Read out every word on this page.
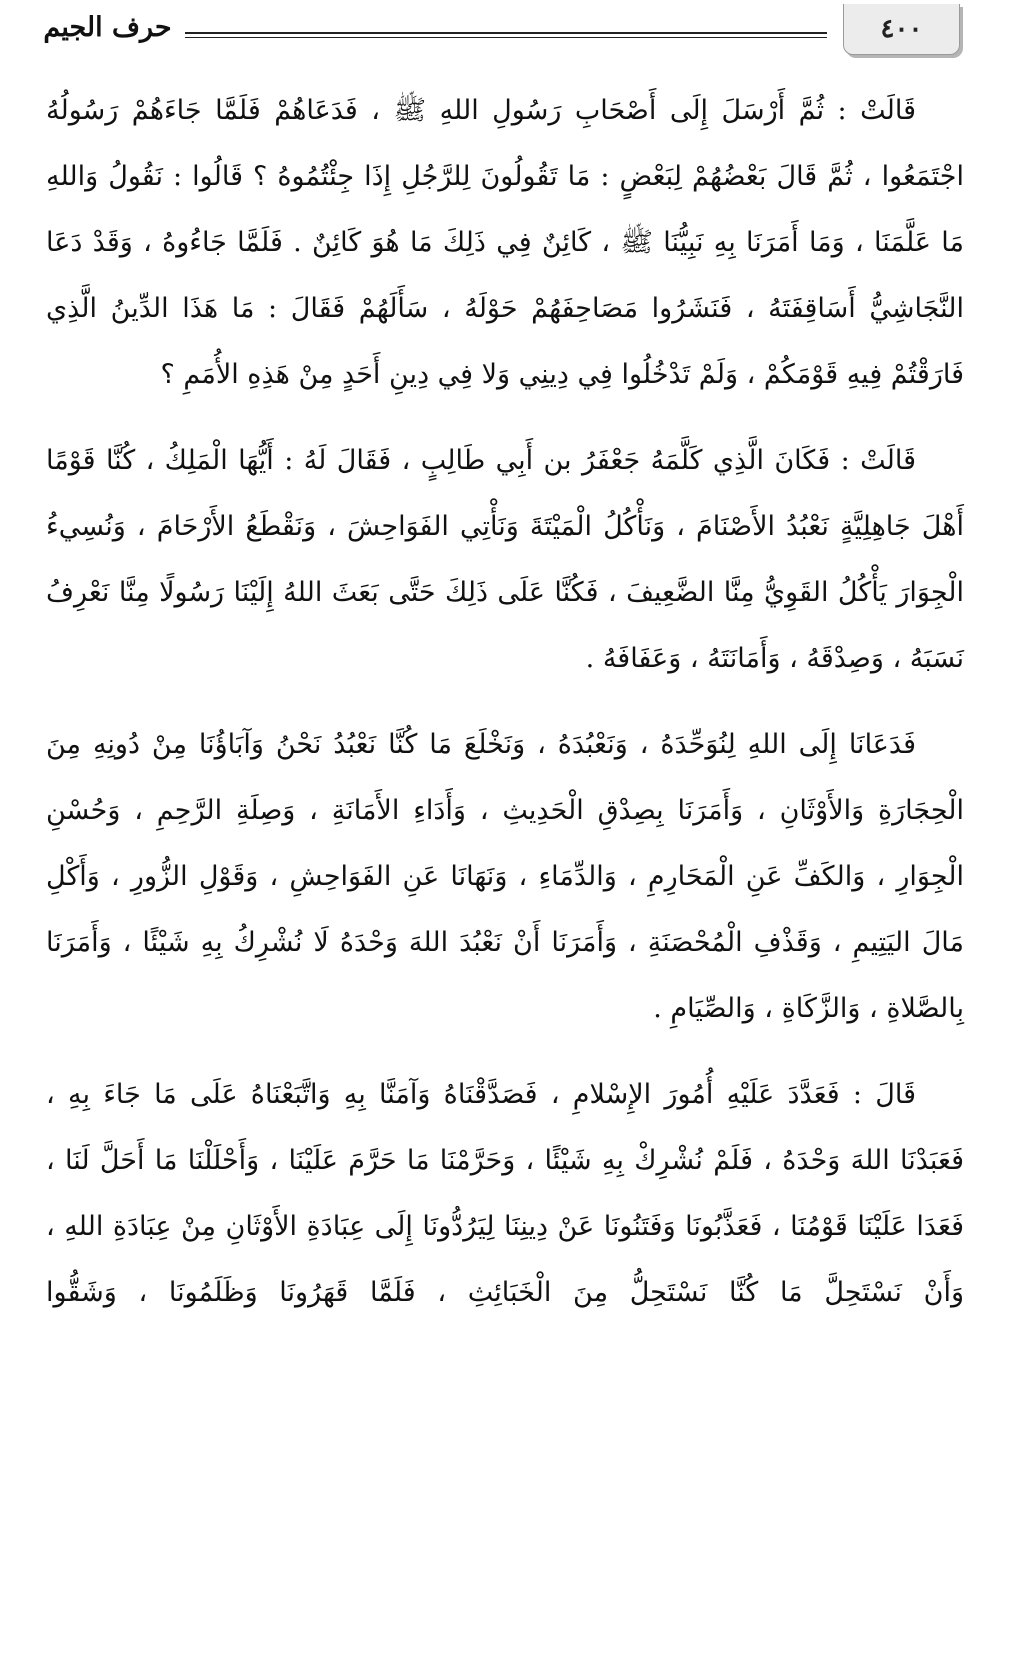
٤٠٠
حرف الجيم

قَالَتْ : ثُمَّ أَرْسَلَ إِلَى أَصْحَابِ رَسُولِ اللهِ ﷺ ، فَدَعَاهُمْ فَلَمَّا جَاءَهُمْ رَسُولُهُ اجْتَمَعُوا ، ثُمَّ قَالَ بَعْضُهُمْ لِبَعْضٍ : مَا تَقُولُونَ لِلرَّجُلِ إِذَا جِئْتُمُوهُ ؟ قَالُوا : نَقُولُ وَاللهِ مَا عَلَّمَنَا ، وَمَا أَمَرَنَا بِهِ نَبِيُّنَا ﷺ ، كَائِنٌ فِي ذَلِكَ مَا هُوَ كَائِنٌ . فَلَمَّا جَاءُوهُ ، وَقَدْ دَعَا النَّجَاشِيُّ أَسَاقِفَتَهُ ، فَنَشَرُوا مَصَاحِفَهُمْ حَوْلَهُ ، سَأَلَهُمْ فَقَالَ : مَا هَذَا الدِّينُ الَّذِي فَارَقْتُمْ فِيهِ قَوْمَكُمْ ، وَلَمْ تَدْخُلُوا فِي دِينِي وَلا فِي دِينِ أَحَدٍ مِنْ هَذِهِ الأُمَمِ ؟

قَالَتْ : فَكَانَ الَّذِي كَلَّمَهُ جَعْفَرُ بن أَبِي طَالِبٍ ، فَقَالَ لَهُ : أَيُّهَا الْمَلِكُ ، كُنَّا قَوْمًا أَهْلَ جَاهِلِيَّةٍ نَعْبُدُ الأَصْنَامَ ، وَنَأْكُلُ الْمَيْتَةَ وَنَأْتِي الفَوَاحِشَ ، وَنَقْطَعُ الأَرْحَامَ ، وَنُسِيءُ الْجِوَارَ يَأْكُلُ القَوِيُّ مِنَّا الضَّعِيفَ ، فَكُنَّا عَلَى ذَلِكَ حَتَّى بَعَثَ اللهُ إِلَيْنَا رَسُولًا مِنَّا نَعْرِفُ نَسَبَهُ ، وَصِدْقَهُ ، وَأَمَانَتَهُ ، وَعَفَافَهُ .

فَدَعَانَا إِلَى اللهِ لِنُوَحِّدَهُ ، وَنَعْبُدَهُ ، وَنَخْلَعَ مَا كُنَّا نَعْبُدُ نَحْنُ وَآبَاؤُنَا مِنْ دُونِهِ مِنَ الْحِجَارَةِ وَالأَوْثَانِ ، وَأَمَرَنَا بِصِدْقِ الْحَدِيثِ ، وَأَدَاءِ الأَمَانَةِ ، وَصِلَةِ الرَّحِمِ ، وَحُسْنِ الْجِوَارِ ، وَالكَفِّ عَنِ الْمَحَارِمِ ، وَالدِّمَاءِ ، وَنَهَانَا عَنِ الفَوَاحِشِ ، وَقَوْلِ الزُّورِ ، وَأَكْلِ مَالَ اليَتِيمِ ، وَقَذْفِ الْمُحْصَنَةِ ، وَأَمَرَنَا أَنْ نَعْبُدَ اللهَ وَحْدَهُ لَا نُشْرِكُ بِهِ شَيْئًا ، وَأَمَرَنَا بِالصَّلاةِ ، وَالزَّكَاةِ ، وَالصِّيَامِ .

قَالَ : فَعَدَّدَ عَلَيْهِ أُمُورَ الإِسْلامِ ، فَصَدَّقْنَاهُ وَآمَنَّا بِهِ وَاتَّبَعْنَاهُ عَلَى مَا جَاءَ بِهِ ، فَعَبَدْنَا اللهَ وَحْدَهُ ، فَلَمْ نُشْرِكْ بِهِ شَيْئًا ، وَحَرَّمْنَا مَا حَرَّمَ عَلَيْنَا ، وَأَحْلَلْنَا مَا أَحَلَّ لَنَا ، فَعَدَا عَلَيْنَا قَوْمُنَا ، فَعَذَّبُونَا وَفَتَنُونَا عَنْ دِينِنَا لِيَرُدُّونَا إِلَى عِبَادَةِ الأَوْثَانِ مِنْ عِبَادَةِ اللهِ ، وَأَنْ نَسْتَحِلَّ مَا كُنَّا نَسْتَحِلُّ مِنَ الْخَبَائِثِ ، فَلَمَّا قَهَرُونَا وَظَلَمُونَا ، وَشَقُّوا
